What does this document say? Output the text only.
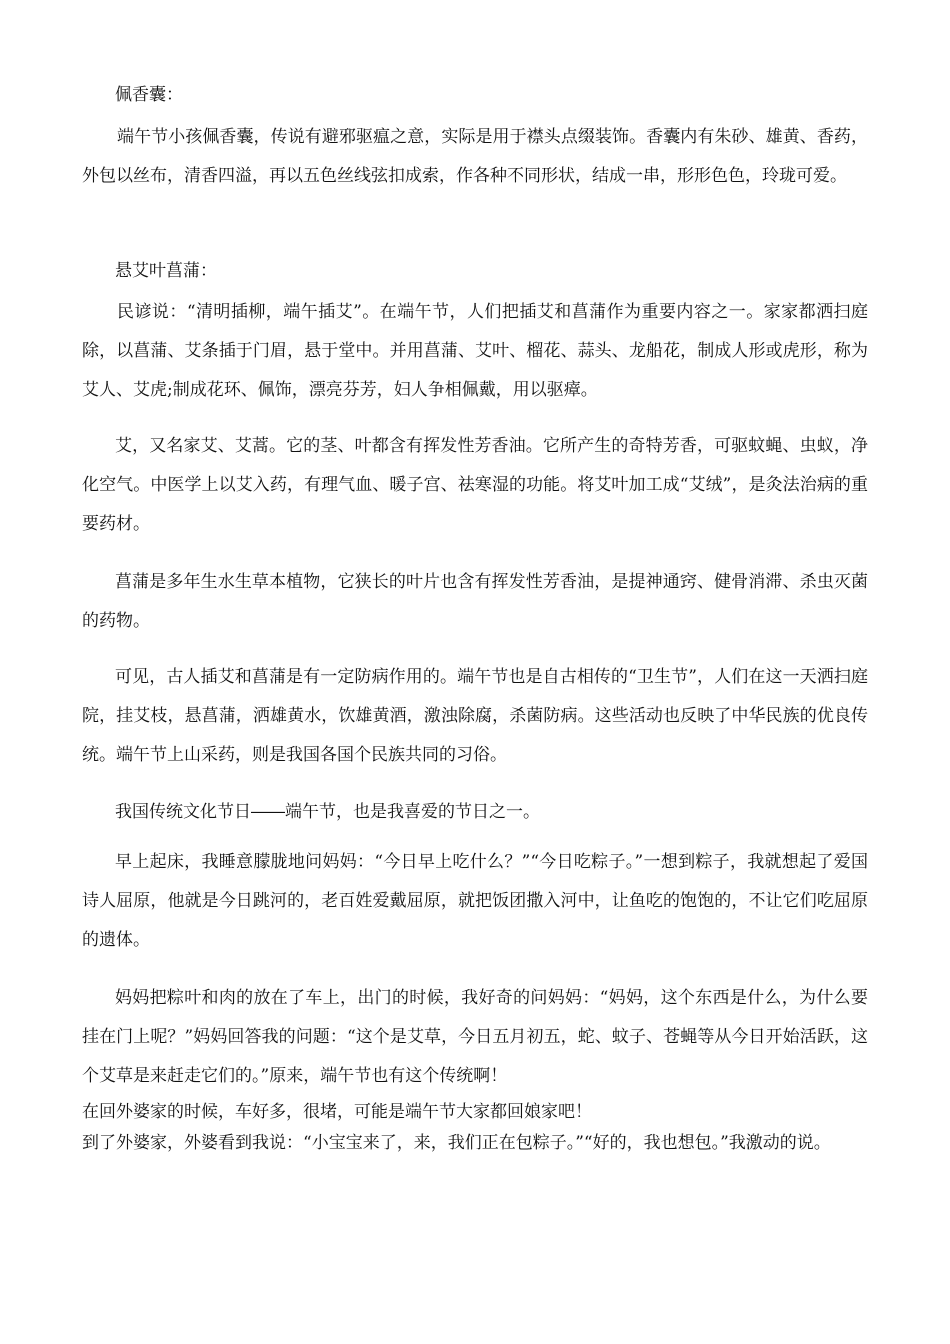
佩香囊：

端午节小孩佩香囊，传说有避邪驱瘟之意，实际是用于襟头点缀装饰。香囊内有朱砂、雄黄、香药，外包以丝布，清香四溢，再以五色丝线弦扣成索，作各种不同形状，结成一串，形形色色，玲珑可爱。

悬艾叶菖蒲：

民谚说：“清明插柳，端午插艾”。在端午节，人们把插艾和菖蒲作为重要内容之一。家家都洒扫庭除，以菖蒲、艾条插于门眉，悬于堂中。并用菖蒲、艾叶、榴花、蒜头、龙船花，制成人形或虎形，称为艾人、艾虎;制成花环、佩饰，漂亮芬芳，妇人争相佩戴，用以驱瘴。

艾，又名家艾、艾蒿。它的茎、叶都含有挥发性芳香油。它所产生的奇特芳香，可驱蚊蝇、虫蚁，净化空气。中医学上以艾入药，有理气血、暖子宫、祛寒湿的功能。将艾叶加工成“艾绒”，是灸法治病的重要药材。

菖蒲是多年生水生草本植物，它狭长的叶片也含有挥发性芳香油，是提神通窍、健骨消滞、杀虫灭菌的药物。

可见，古人插艾和菖蒲是有一定防病作用的。端午节也是自古相传的“卫生节”，人们在这一天洒扫庭院，挂艾枝，悬菖蒲，洒雄黄水，饮雄黄酒，激浊除腐，杀菌防病。这些活动也反映了中华民族的优良传统。端午节上山采药，则是我国各国个民族共同的习俗。

我国传统文化节日――端午节，也是我喜爱的节日之一。

早上起床，我睡意朦胧地问妈妈：“今日早上吃什么？”“今日吃粽子。”一想到粽子，我就想起了爱国诗人屈原，他就是今日跳河的，老百姓爱戴屈原，就把饭团撒入河中，让鱼吃的饱饱的，不让它们吃屈原的遗体。

妈妈把粽叶和肉的放在了车上，出门的时候，我好奇的问妈妈：“妈妈，这个东西是什么，为什么要挂在门上呢？”妈妈回答我的问题：“这个是艾草，今日五月初五，蛇、蚊子、苍蝇等从今日开始活跃，这个艾草是来赶走它们的。”原来，端午节也有这个传统啊！

在回外婆家的时候，车好多，很堵，可能是端午节大家都回娘家吧！

到了外婆家，外婆看到我说：“小宝宝来了，来，我们正在包粽子。”“好的，我也想包。”我激动的说。
